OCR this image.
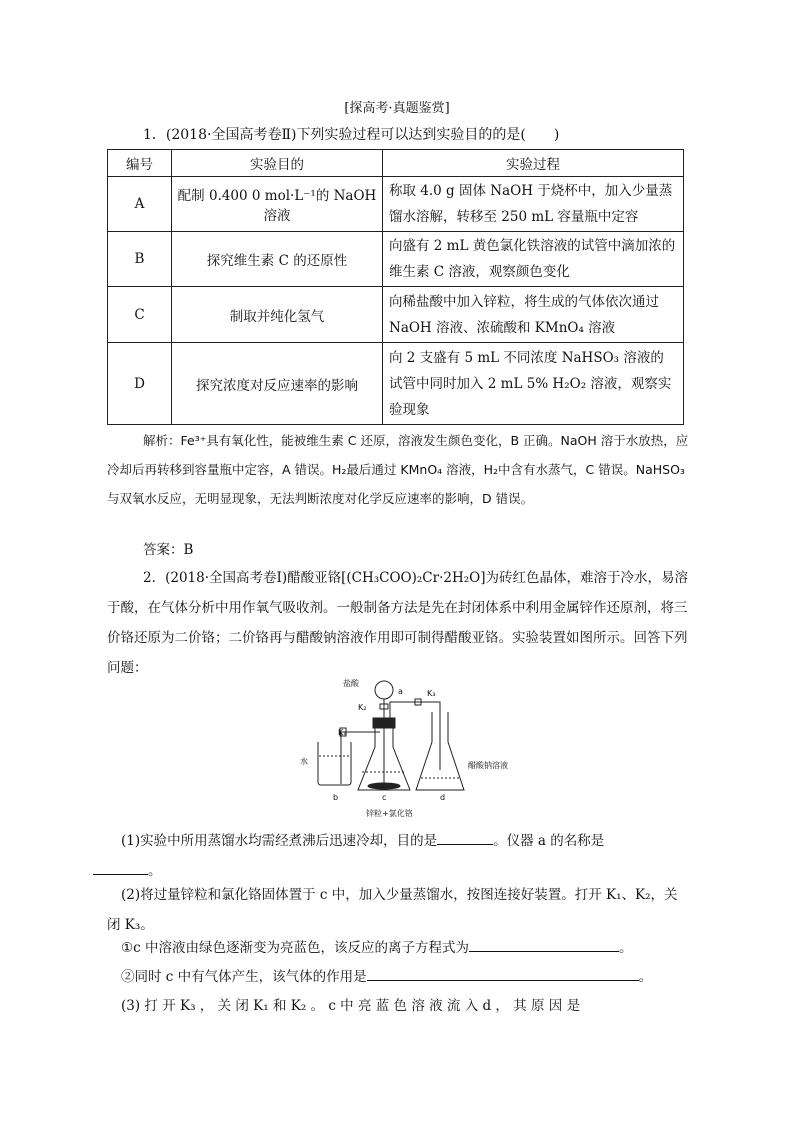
[探高考·真题鉴赏]
1．(2018·全国高考卷Ⅱ)下列实验过程可以达到实验目的的是(　　)
编号	实验目的	实验过程
A	配制 0.400 0 mol·L⁻¹的 NaOH 溶液	称取 4.0 g 固体 NaOH 于烧杯中，加入少量蒸馏水溶解，转移至 250 mL 容量瓶中定容
B	探究维生素 C 的还原性	向盛有 2 mL 黄色氯化铁溶液的试管中滴加浓的维生素 C 溶液，观察颜色变化
C	制取并纯化氢气	向稀盐酸中加入锌粒，将生成的气体依次通过 NaOH 溶液、浓硫酸和 KMnO₄ 溶液
D	探究浓度对反应速率的影响	向 2 支盛有 5 mL 不同浓度 NaHSO₃ 溶液的试管中同时加入 2 mL 5% H₂O₂ 溶液，观察实验现象
解析：Fe³⁺具有氧化性，能被维生素 C 还原，溶液发生颜色变化，B 正确。NaOH 溶于水放热，应冷却后再转移到容量瓶中定容，A 错误。H₂最后通过 KMnO₄ 溶液，H₂中含有水蒸气，C 错误。NaHSO₃与双氧水反应，无明显现象，无法判断浓度对化学反应速率的影响，D 错误。
答案：B
2．(2018·全国高考卷Ⅰ)醋酸亚铬[(CH₃COO)₂Cr·2H₂O]为砖红色晶体，难溶于冷水，易溶于酸，在气体分析中用作氧气吸收剂。一般制备方法是先在封闭体系中利用金属锌作还原剂，将三价铬还原为二价铬；二价铬再与醋酸钠溶液作用即可制得醋酸亚铬。实验装置如图所示。回答下列问题：
盐酸
a
K₂
K₃
K₁
水
b	c	d
醋酸钠溶液
锌粒+氯化铬
(1)实验中所用蒸馏水均需经煮沸后迅速冷却，目的是	。仪器 a 的名称是
。
(2)将过量锌粒和氯化铬固体置于 c 中，加入少量蒸馏水，按图连接好装置。打开 K₁、K₂，关闭 K₃。
①c 中溶液由绿色逐渐变为亮蓝色，该反应的离子方程式为	。
②同时 c 中有气体产生，该气体的作用是	。
(3) 打 开 K₃ ， 关 闭 K₁ 和 K₂ 。 c 中 亮 蓝 色 溶 液 流 入 d ， 其 原 因 是
